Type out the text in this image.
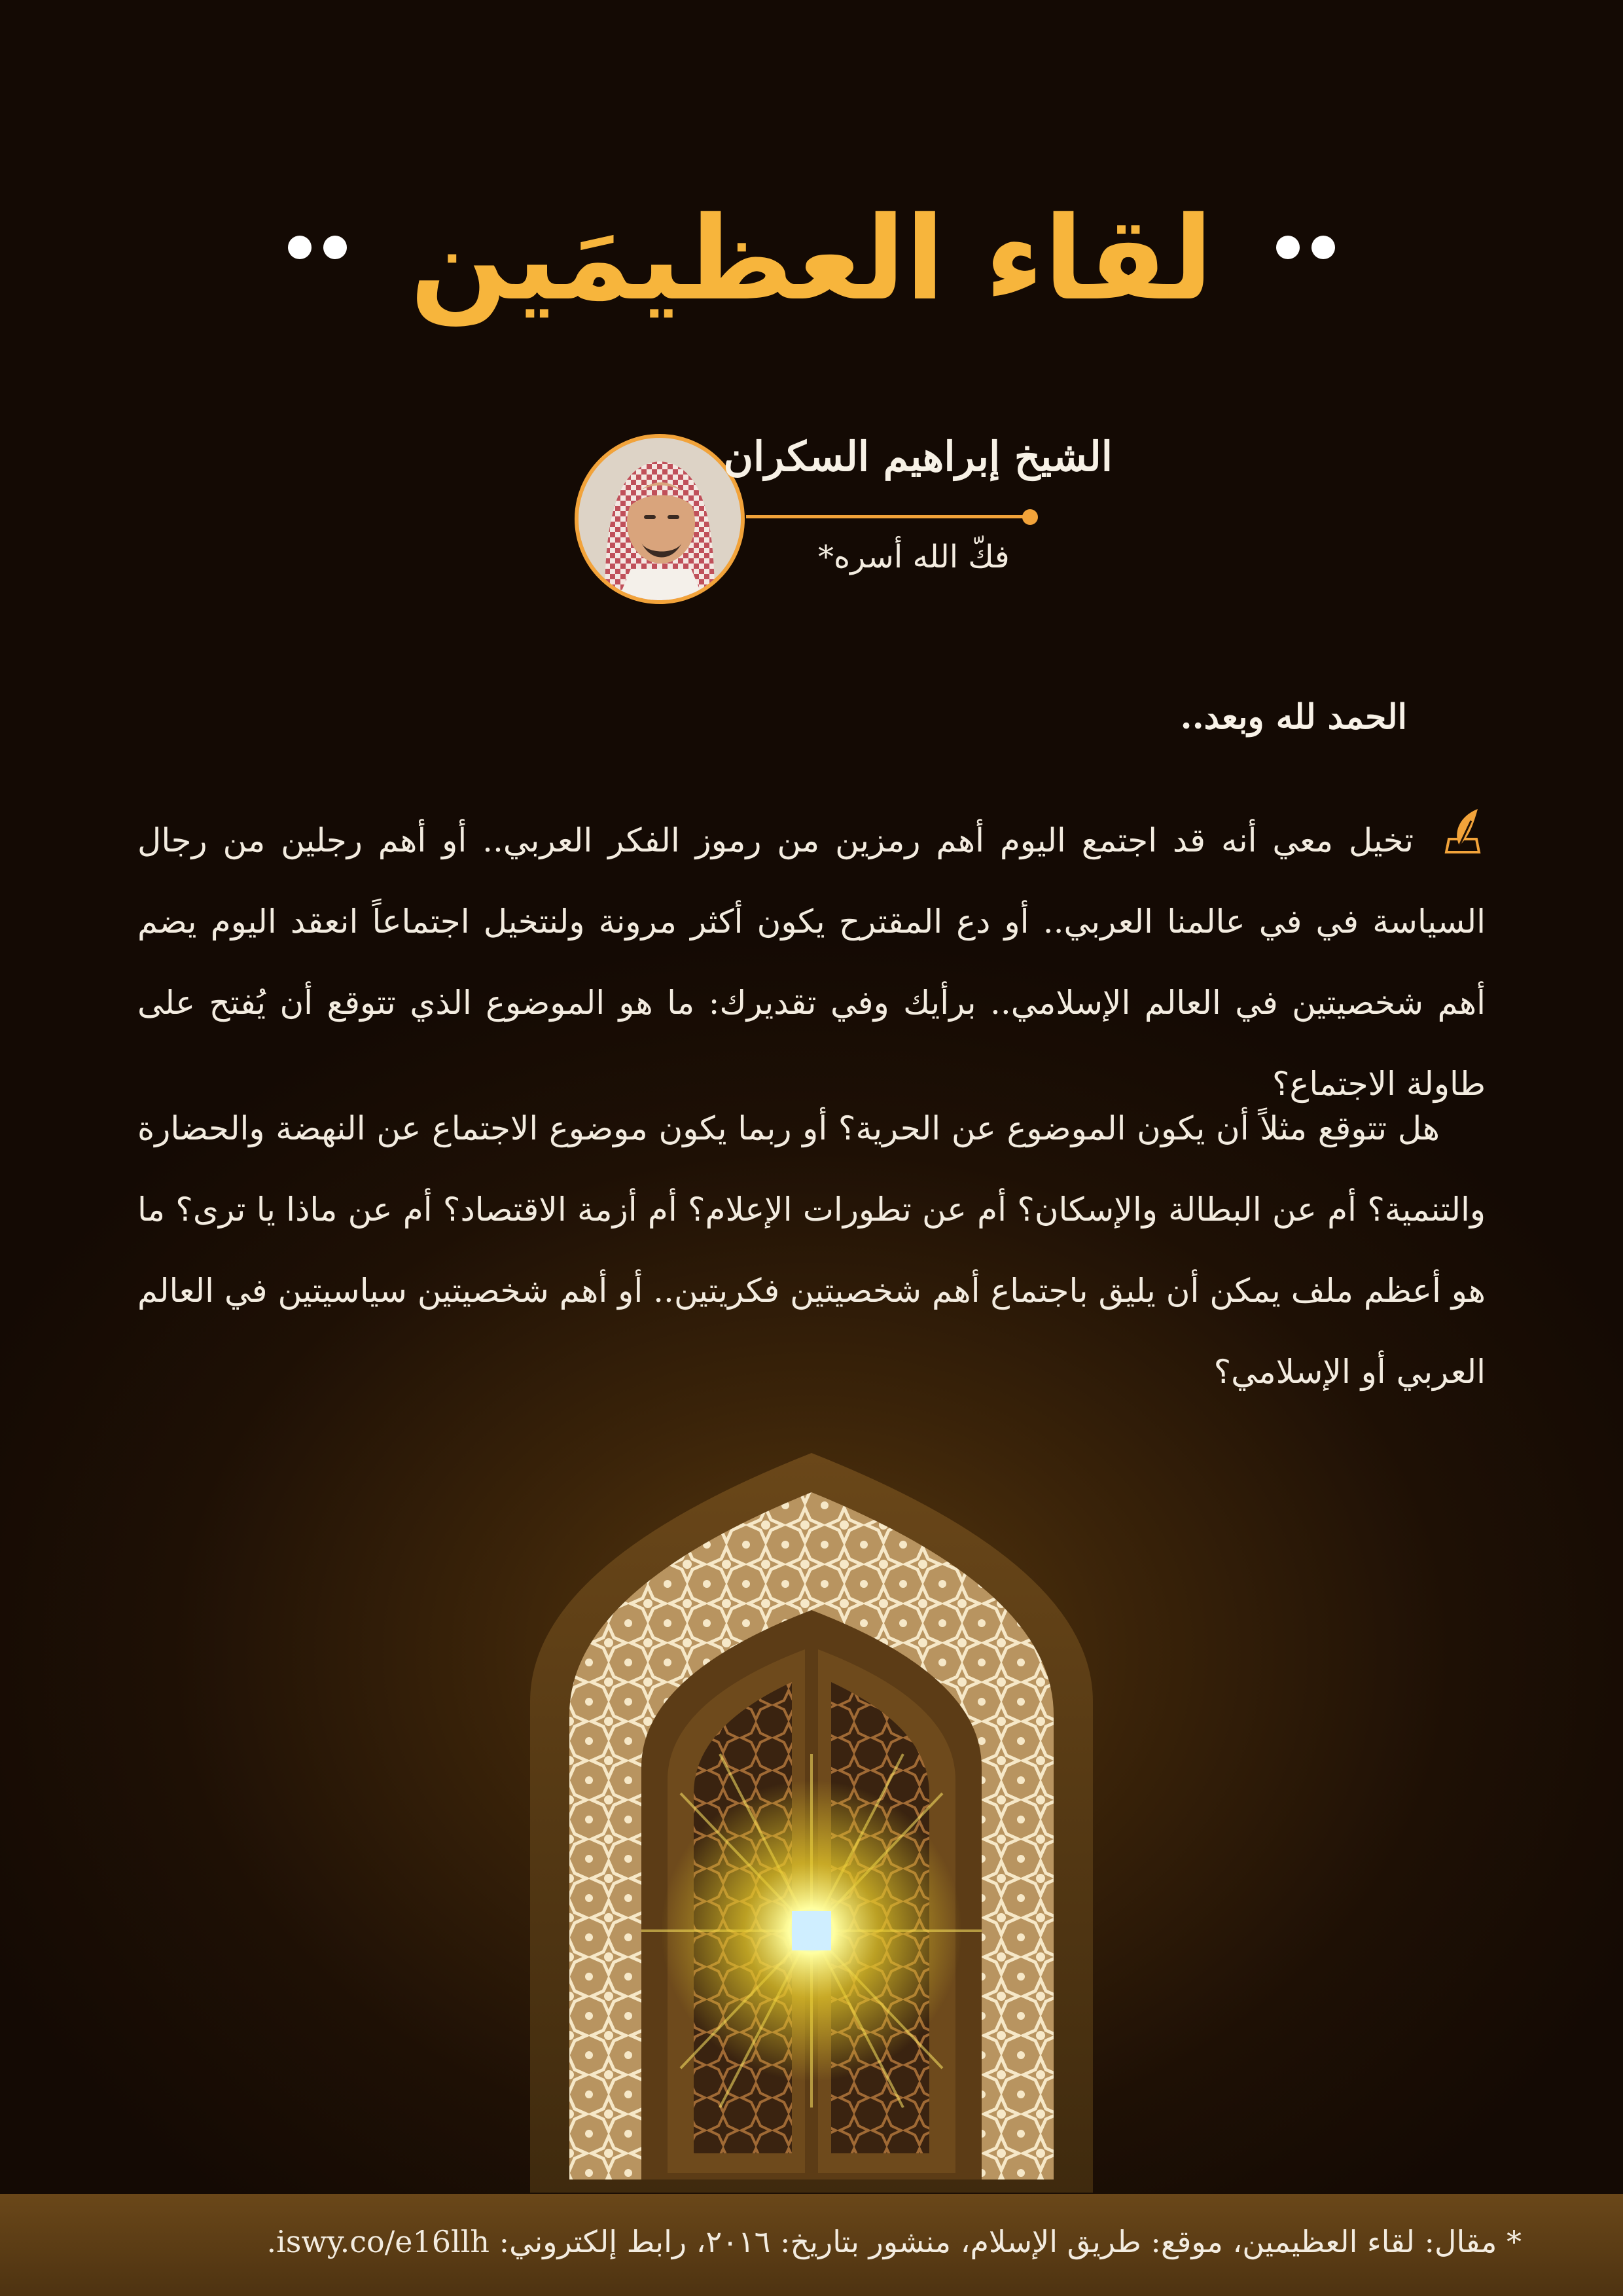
لقاء العظيمَين
الشيخ إبراهيم السكران
فكّ الله أسره*
الحمد لله وبعد..
تخيل معي أنه قد اجتمع اليوم أهم رمزين من رموز الفكر العربي.. أو أهم رجلين من رجال السياسة في في عالمنا العربي.. أو دع المقترح يكون أكثر مرونة ولنتخيل اجتماعاً انعقد اليوم يضم أهم شخصيتين في العالم الإسلامي.. برأيك وفي تقديرك: ما هو الموضوع الذي تتوقع أن يُفتح على طاولة الاجتماع؟
هل تتوقع مثلاً أن يكون الموضوع عن الحرية؟ أو ربما يكون موضوع الاجتماع عن النهضة والحضارة والتنمية؟ أم عن البطالة والإسكان؟ أم عن تطورات الإعلام؟ أم أزمة الاقتصاد؟ أم عن ماذا يا ترى؟ ما هو أعظم ملف يمكن أن يليق باجتماع أهم شخصيتين فكريتين.. أو أهم شخصيتين سياسيتين في العالم العربي أو الإسلامي؟
* مقال: لقاء العظيمين، موقع: طريق الإسلام، منشور بتاريخ: ٢٠١٦، رابط إلكتروني: iswy.co/e16llh.
